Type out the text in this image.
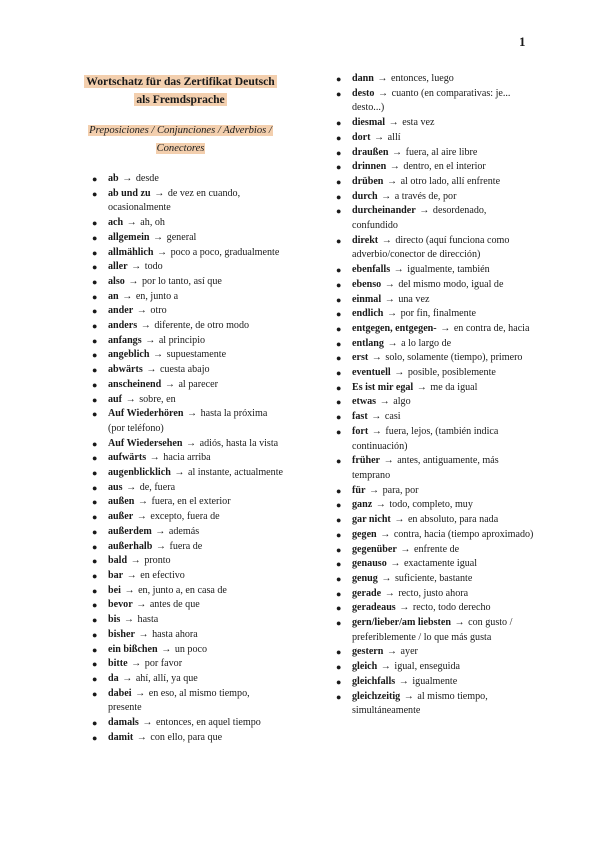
1
Wortschatz für das Zertifikat Deutsch
als Fremdsprache
Preposiciones / Conjunciones / Adverbios /
Conectores
● ab → desde
● ab und zu → de vez en cuando, ocasionalmente
● ach → ah, oh
● allgemein → general
● allmählich → poco a poco, gradualmente
● aller → todo
● also → por lo tanto, así que
● an → en, junto a
● ander → otro
● anders → diferente, de otro modo
● anfangs → al principio
● angeblich → supuestamente
● abwärts → cuesta abajo
● anscheinend → al parecer
● auf → sobre, en
● Auf Wiederhören → hasta la próxima (por teléfono)
● Auf Wiedersehen → adiós, hasta la vista
● aufwärts → hacia arriba
● augenblicklich → al instante, actualmente
● aus → de, fuera
● außen → fuera, en el exterior
● außer → excepto, fuera de
● außerdem → además
● außerhalb → fuera de
● bald → pronto
● bar → en efectivo
● bei → en, junto a, en casa de
● bevor → antes de que
● bis → hasta
● bisher → hasta ahora
● ein bißchen → un poco
● bitte → por favor
● da → ahí, allí, ya que
● dabei → en eso, al mismo tiempo, presente
● damals → entonces, en aquel tiempo
● damit → con ello, para que
● dann → entonces, luego
● desto → cuanto (en comparativas: je... desto...)
● diesmal → esta vez
● dort → allí
● draußen → fuera, al aire libre
● drinnen → dentro, en el interior
● drüben → al otro lado, allí enfrente
● durch → a través de, por
● durcheinander → desordenado, confundido
● direkt → directo (aquí funciona como adverbio/conector de dirección)
● ebenfalls → igualmente, también
● ebenso → del mismo modo, igual de
● einmal → una vez
● endlich → por fin, finalmente
● entgegen, entgegen- → en contra de, hacia
● entlang → a lo largo de
● erst → solo, solamente (tiempo), primero
● eventuell → posible, posiblemente
● Es ist mir egal → me da igual
● etwas → algo
● fast → casi
● fort → fuera, lejos, (también indica continuación)
● früher → antes, antiguamente, más temprano
● für → para, por
● ganz → todo, completo, muy
● gar nicht → en absoluto, para nada
● gegen → contra, hacia (tiempo aproximado)
● gegenüber → enfrente de
● genauso → exactamente igual
● genug → suficiente, bastante
● gerade → recto, justo ahora
● geradeaus → recto, todo derecho
● gern/lieber/am liebsten → con gusto / preferiblemente / lo que más gusta
● gestern → ayer
● gleich → igual, enseguida
● gleichfalls → igualmente
● gleichzeitig → al mismo tiempo, simultáneamente
